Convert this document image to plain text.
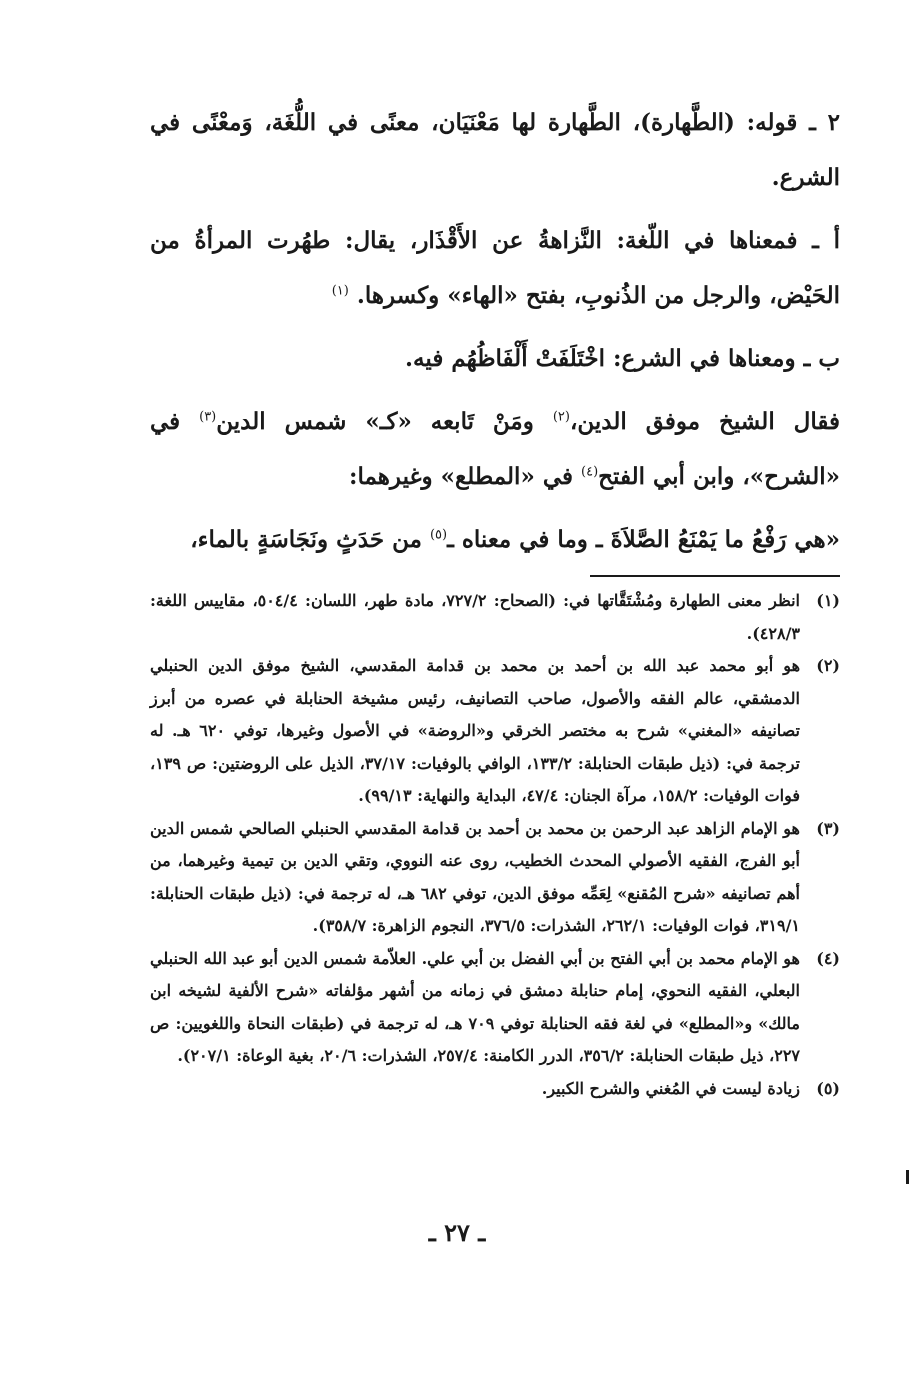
٢ ـ قوله: (الطَّهارة)، الطَّهارة لها مَعْنَيَان، معنًى في اللُّغَة، وَمعْنًى في الشرع.

أ ـ فمعناها في اللّغة: النَّزاهةُ عن الأَقْذَار، يقال: طهُرت المرأةُ من الحَيْض، والرجل من الذُنوبِ، بفتح «الهاء» وكسرها. $^{(١)}$

ب ـ ومعناها في الشرع: اخْتَلَفَتْ أَلْفَاظُهُم فيه.

فقال الشيخ موفق الدين،$^{(٢)}$ ومَنْ تَابعه «كـ» شمس الدين$^{(٣)}$ في «الشرح»، وابن أبي الفتح$^{(٤)}$ في «المطلع» وغيرهما:

«هي رَفْعُ ما يَمْنَعُ الصَّلاَةَ ـ وما في معناه ـ$^{(٥)}$ من حَدَثٍ ونَجَاسَةٍ بالماء،

(١)
انظر معنى الطهارة ومُشْتَقَّاتها في: (الصحاح: ٧٢٧/٢، مادة طهر، اللسان: ٥٠٤/٤، مقاييس اللغة: ٤٢٨/٣).
(٢)
هو أبو محمد عبد الله بن أحمد بن محمد بن قدامة المقدسي، الشيخ موفق الدين الحنبلي الدمشقي، عالم الفقه والأصول، صاحب التصانيف، رئيس مشيخة الحنابلة في عصره من أبرز تصانيفه «المغني» شرح به مختصر الخرقي و«الروضة» في الأصول وغيرها، توفي ٦٢٠ هـ. له ترجمة في: (ذيل طبقات الحنابلة: ١٣٣/٢، الوافي بالوفيات: ٣٧/١٧، الذيل على الروضتين: ص ١٣٩، فوات الوفيات: ١٥٨/٢، مرآة الجنان: ٤٧/٤، البداية والنهاية: ٩٩/١٣).
(٣)
هو الإمام الزاهد عبد الرحمن بن محمد بن أحمد بن قدامة المقدسي الحنبلي الصالحي شمس الدين أبو الفرج، الفقيه الأصولي المحدث الخطيب، روى عنه النووي، وتقي الدين بن تيمية وغيرهما، من أهم تصانيفه «شرح المُقنع» لِعَمِّه موفق الدين، توفي ٦٨٢ هـ، له ترجمة في: (ذيل طبقات الحنابلة: ٣١٩/١، فوات الوفيات: ٢٦٢/١، الشذرات: ٣٧٦/٥، النجوم الزاهرة: ٣٥٨/٧).
(٤)
هو الإمام محمد بن أبي الفتح بن أبي الفضل بن أبي علي. العلاّمة شمس الدين أبو عبد الله الحنبلي البعلي، الفقيه النحوي، إمام حنابلة دمشق في زمانه من أشهر مؤلفاته «شرح الألفية لشيخه ابن مالك» و«المطلع» في لغة فقه الحنابلة توفي ٧٠٩ هـ، له ترجمة في (طبقات النحاة واللغويين: ص ٢٢٧، ذيل طبقات الحنابلة: ٣٥٦/٢، الدرر الكامنة: ٢٥٧/٤، الشذرات: ٢٠/٦، بغية الوعاة: ٢٠٧/١).
(٥)
زيادة ليست في المُغني والشرح الكبير.
ـ ٢٧ ـ
